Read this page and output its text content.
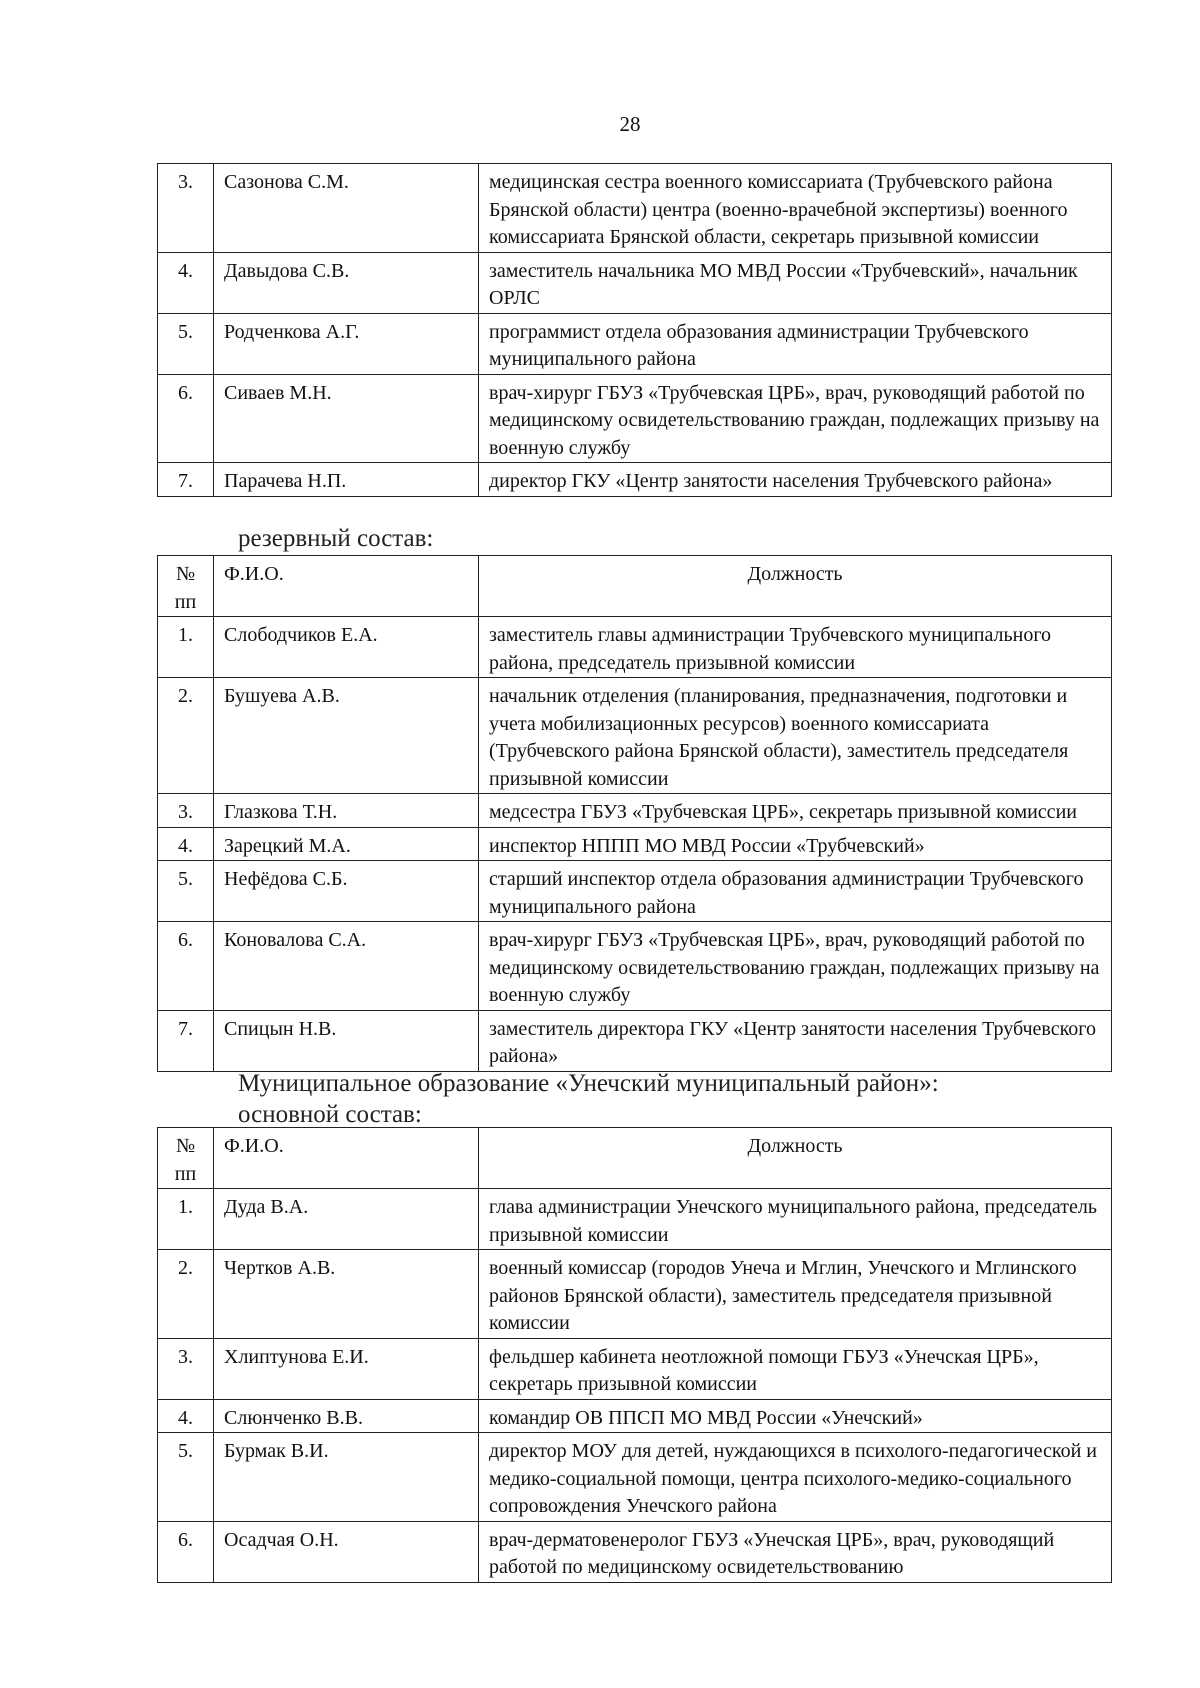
28
3.	Сазонова С.М.	медицинская сестра военного комиссариата (Трубчевского района Брянской области) центра (военно-врачебной экспертизы) военного комиссариата Брянской области, секретарь призывной комиссии
4.	Давыдова С.В.	заместитель начальника МО МВД России «Трубчевский», начальник ОРЛС
5.	Родченкова А.Г.	программист отдела образования администрации Трубчевского муниципального района
6.	Сиваев М.Н.	врач-хирург ГБУЗ «Трубчевская ЦРБ», врач, руководящий работой по медицинскому освидетельствованию граждан, подлежащих призыву на военную службу
7.	Парачева Н.П.	директор ГКУ «Центр занятости населения Трубчевского района»
резервный состав:
№ пп	Ф.И.О.	Должность
1.	Слободчиков Е.А.	заместитель главы администрации Трубчевского муниципального района, председатель призывной комиссии
2.	Бушуева А.В.	начальник отделения (планирования, предназначения, подготовки и учета мобилизационных ресурсов) военного комиссариата (Трубчевского района Брянской области), заместитель председателя призывной комиссии
3.	Глазкова Т.Н.	медсестра ГБУЗ «Трубчевская ЦРБ», секретарь призывной комиссии
4.	Зарецкий М.А.	инспектор НППП МО МВД России «Трубчевский»
5.	Нефёдова С.Б.	старший инспектор отдела образования администрации Трубчевского муниципального района
6.	Коновалова С.А.	врач-хирург ГБУЗ «Трубчевская ЦРБ», врач, руководящий работой по медицинскому освидетельствованию граждан, подлежащих призыву на военную службу
7.	Спицын Н.В.	заместитель директора ГКУ «Центр занятости населения Трубчевского района»
Муниципальное образование «Унечский муниципальный район»:
основной состав:
№ пп	Ф.И.О.	Должность
1.	Дуда В.А.	глава администрации Унечского муниципального района, председатель призывной комиссии
2.	Чертков А.В.	военный комиссар (городов Унеча и Мглин, Унечского и Мглинского районов Брянской области), заместитель председателя призывной комиссии
3.	Хлиптунова Е.И.	фельдшер кабинета неотложной помощи ГБУЗ «Унечская ЦРБ», секретарь призывной комиссии
4.	Слюнченко В.В.	командир ОВ ППСП МО МВД России «Унечский»
5.	Бурмак В.И.	директор МОУ для детей, нуждающихся в психолого-педагогической и медико-социальной помощи, центра психолого-медико-социального сопровождения Унечского района
6.	Осадчая О.Н.	врач-дерматовенеролог ГБУЗ «Унечская ЦРБ», врач, руководящий работой по медицинскому освидетельствованию
